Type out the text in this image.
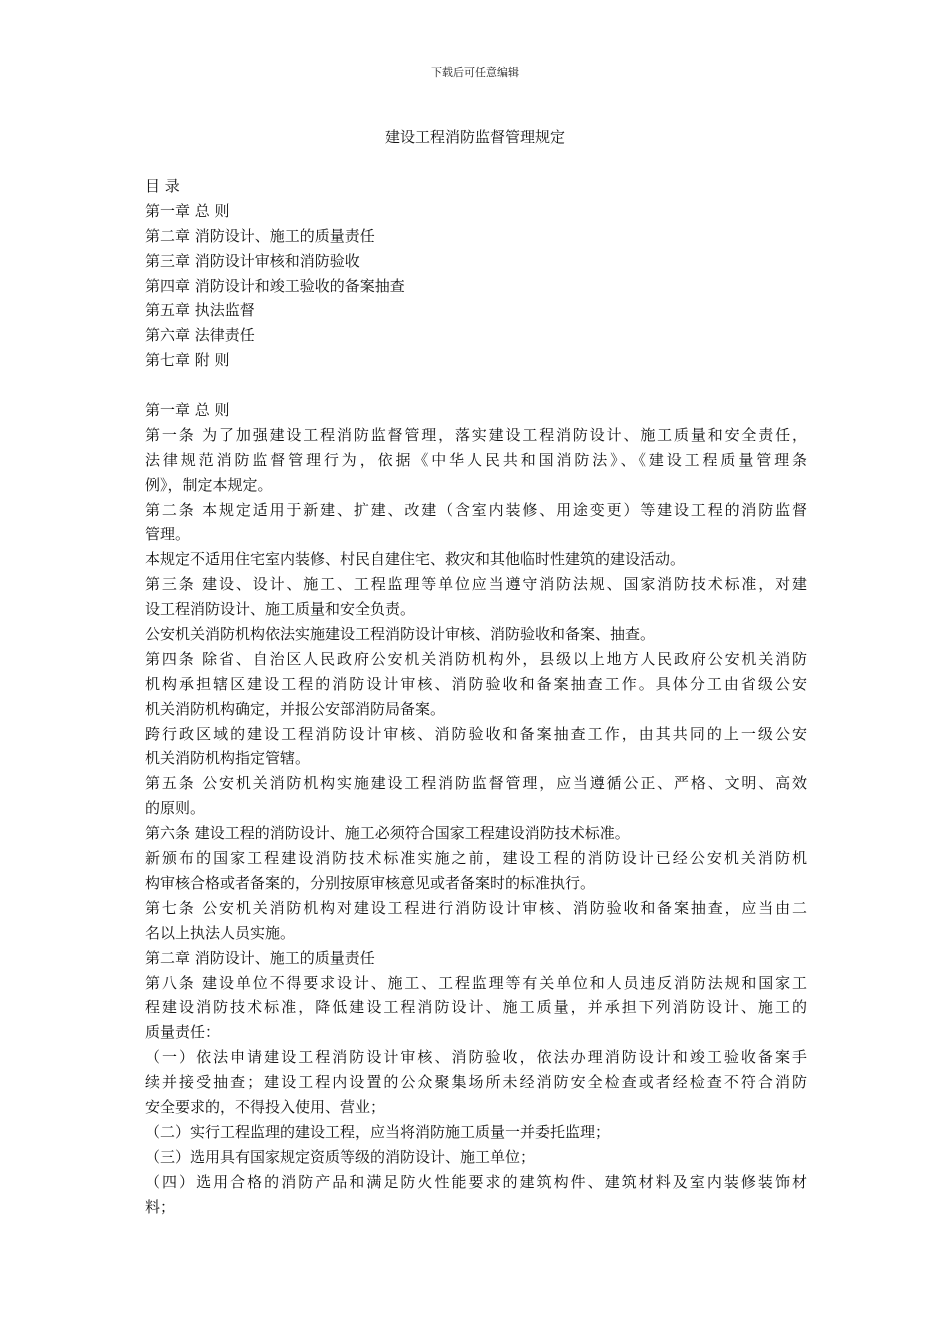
下载后可任意编辑
建设工程消防监督管理规定
目 录
第一章 总 则
第二章 消防设计、施工的质量责任
第三章 消防设计审核和消防验收
第四章 消防设计和竣工验收的备案抽查
第五章 执法监督
第六章 法律责任
第七章 附 则
第一章 总 则
第一条 为了加强建设工程消防监督管理，落实建设工程消防设计、施工质量和安全责任，
法律规范消防监督管理行为，依据《中华人民共和国消防法》、《建设工程质量管理条
例》，制定本规定。
第二条 本规定适用于新建、扩建、改建（含室内装修、用途变更）等建设工程的消防监督
管理。
本规定不适用住宅室内装修、村民自建住宅、救灾和其他临时性建筑的建设活动。
第三条 建设、设计、施工、工程监理等单位应当遵守消防法规、国家消防技术标准，对建
设工程消防设计、施工质量和安全负责。
公安机关消防机构依法实施建设工程消防设计审核、消防验收和备案、抽查。
第四条 除省、自治区人民政府公安机关消防机构外，县级以上地方人民政府公安机关消防
机构承担辖区建设工程的消防设计审核、消防验收和备案抽查工作。具体分工由省级公安
机关消防机构确定，并报公安部消防局备案。
跨行政区域的建设工程消防设计审核、消防验收和备案抽查工作，由其共同的上一级公安
机关消防机构指定管辖。
第五条 公安机关消防机构实施建设工程消防监督管理，应当遵循公正、严格、文明、高效
的原则。
第六条 建设工程的消防设计、施工必须符合国家工程建设消防技术标准。
新颁布的国家工程建设消防技术标准实施之前，建设工程的消防设计已经公安机关消防机
构审核合格或者备案的，分别按原审核意见或者备案时的标准执行。
第七条 公安机关消防机构对建设工程进行消防设计审核、消防验收和备案抽查，应当由二
名以上执法人员实施。
第二章 消防设计、施工的质量责任
第八条 建设单位不得要求设计、施工、工程监理等有关单位和人员违反消防法规和国家工
程建设消防技术标准，降低建设工程消防设计、施工质量，并承担下列消防设计、施工的
质量责任：
（一）依法申请建设工程消防设计审核、消防验收，依法办理消防设计和竣工验收备案手
续并接受抽查；建设工程内设置的公众聚集场所未经消防安全检查或者经检查不符合消防
安全要求的，不得投入使用、营业；
（二）实行工程监理的建设工程，应当将消防施工质量一并委托监理；
（三）选用具有国家规定资质等级的消防设计、施工单位；
（四）选用合格的消防产品和满足防火性能要求的建筑构件、建筑材料及室内装修装饰材
料；
